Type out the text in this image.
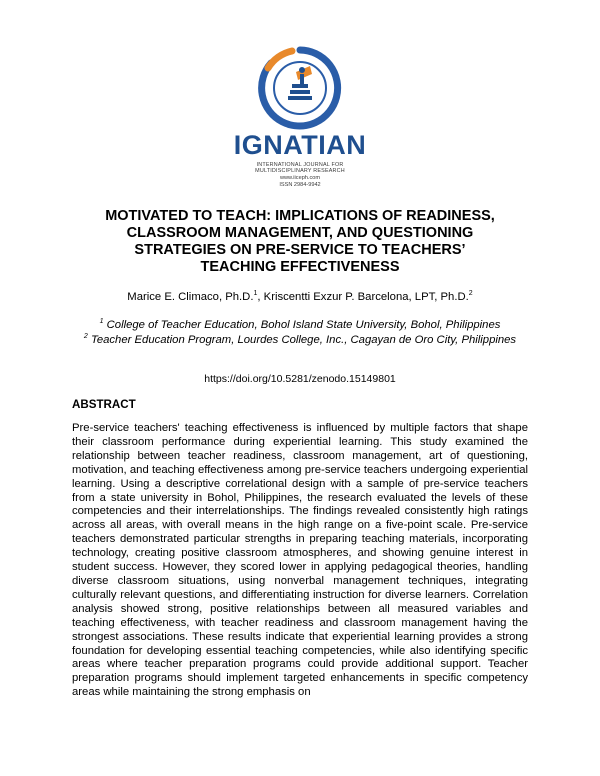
IGNATIAN
INTERNATIONAL JOURNAL FOR
MULTIDISCIPLINARY RESEARCH
www.iiceph.com
ISSN 2984-9942
MOTIVATED TO TEACH: IMPLICATIONS OF READINESS,
CLASSROOM MANAGEMENT, AND QUESTIONING
STRATEGIES ON PRE-SERVICE TO TEACHERS’
TEACHING EFFECTIVENESS
Marice E. Climaco, Ph.D.$^1$, Kriscentti Exzur P. Barcelona, LPT, Ph.D.$^2$
$^1$ College of Teacher Education, Bohol Island State University, Bohol, Philippines
$^2$ Teacher Education Program, Lourdes College, Inc., Cagayan de Oro City, Philippines
https://doi.org/10.5281/zenodo.15149801
ABSTRACT

Pre-service teachers' teaching effectiveness is influenced by multiple factors that shape their classroom performance during experiential learning. This study examined the relationship between teacher readiness, classroom management, art of questioning, motivation, and teaching effectiveness among pre-service teachers undergoing experiential learning. Using a descriptive correlational design with a sample of pre-service teachers from a state university in Bohol, Philippines, the research evaluated the levels of these competencies and their interrelationships. The findings revealed consistently high ratings across all areas, with overall means in the high range on a five-point scale. Pre-service teachers demonstrated particular strengths in preparing teaching materials, incorporating technology, creating positive classroom atmospheres, and showing genuine interest in student success. However, they scored lower in applying pedagogical theories, handling diverse classroom situations, using nonverbal management techniques, integrating culturally relevant questions, and differentiating instruction for diverse learners. Correlation analysis showed strong, positive relationships between all measured variables and teaching effectiveness, with teacher readiness and classroom management having the strongest associations. These results indicate that experiential learning provides a strong foundation for developing essential teaching competencies, while also identifying specific areas where teacher preparation programs could provide additional support. Teacher preparation programs should implement targeted enhancements in specific competency areas while maintaining the strong emphasis on
